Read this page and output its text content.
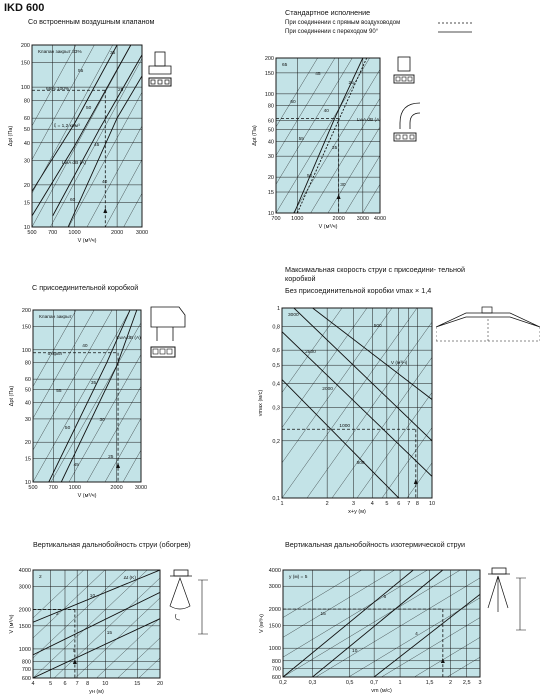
IKD 600
Со встроенным воздушным клапаном
Стандартное исполнение
При соединении с прямым воздуховодом
При соединении с переходом 90°
С присоединительной коробкой
Максимальная скорость струи с присоедини- тельной коробкой
Без присоединительной коробки vmax × 1,4
Вертикальная дальнобойность струи (обогрев)	Вертикальная дальнобойность изотермической струи
10
15
20
30
40
50
60
80
100
150
200
500 700 1000	2000 3000
V (м³/ч)
Δpt (Па)
Клапан закрыт 33%
66% 100%
ξ = 1,2 кг/м³
LwA dB (A)
60
55
50
45
40
35
25
10
15
20
30
40
50
60
80
100
150
200
700 1000	2000 3000 4000
V (м³/ч)
Δpt (Па)
65
60
55
50
45
40
35
30
25
LwA dB (A)
10
15
20
30
40
50
60
80
100
150
200
500 700 1000	2000 3000
V (м³/ч)
Δpt (Па)
Клапан закрыт
открыт
55
50
45
40
35
30
25
LwA dB (A)
0,1
0,2
0,3
0,4
0,5
0,6
0,8
1
1	2	3	4 5 6 7 8 10
x+y (м)
vmax (м/с)
3000
2500
2000
1000
800
500
V (м³/ч)
600
700
800
1000
1500
2000
3000
4000
4	5 6 7 8 10	15	20
yн (м)
V (м³/ч)
2
3
5
10
15
Δt (K)
600
700
800
1000
1500
2000
3000
4000
0,2	0,3	0,5	0,7	1	1,5	2 2,5 3
vm (м/с)
V (м³/ч)
y (м) = 5
15
10
6
4
